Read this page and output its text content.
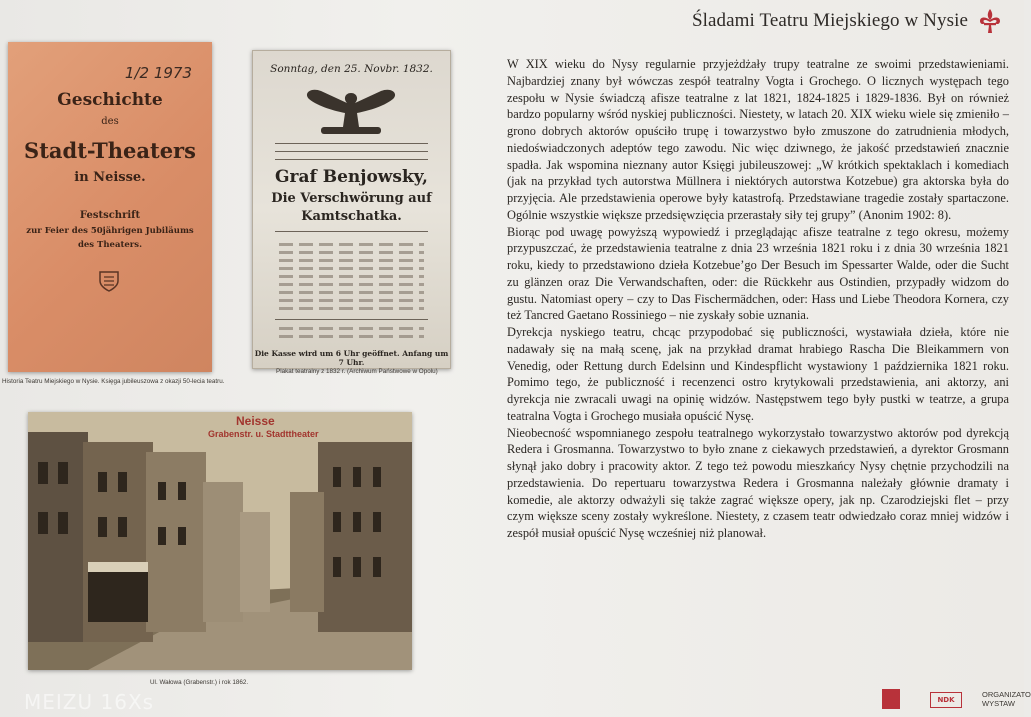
Śladami Teatru Miejskiego w Nysie
1/2 1973
Geschichte
des
Stadt-Theaters
in Neisse.
Festschrift
zur Feier des 50jährigen Jubiläums
des Theaters.
Historia Teatru Miejskiego w Nysie. Księga jubileuszowa z okazji 50-lecia teatru.
Sonntag, den 25. Novbr. 1832.
Graf Benjowsky,
Die Verschwörung auf
Kamtschatka.
Die Kasse wird um 6 Uhr geöffnet. Anfang um 7 Uhr.
Plakat teatralny z 1832 r. (Archiwum Państwowe w Opolu)
Neisse
Grabenstr. u. Stadttheater
Ul. Wałowa (Grabenstr.) i rok 1862.

W XIX wieku do Nysy regularnie przyjeżdżały trupy teatralne ze swoimi przedstawieniami. Najbardziej znany był wówczas zespół teatralny Vogta i Grochego. O licznych występach tego zespołu w Nysie świadczą afisze teatralne z lat 1821, 1824-1825 i 1829-1836. Był on również bardzo popularny wśród nyskiej publiczności. Niestety, w latach 20. XIX wieku wiele się zmieniło – grono dobrych aktorów opuściło trupę i towarzystwo było zmuszone do zatrudnienia młodych, niedoświadczonych adeptów tego zawodu. Nic więc dziwnego, że jakość przedstawień znacznie spadła. Jak wspomina nieznany autor Księgi jubileuszowej: „W krótkich spektaklach i komediach (jak na przykład tych autorstwa Müllnera i niektórych autorstwa Kotzebue) gra aktorska była do przyjęcia. Ale przedstawienia operowe były katastrofą. Przedstawiane tragedie zostały spartaczone. Ogólnie wszystkie większe przedsięwzięcia przerastały siły tej grupy” (Anonim 1902: 8).

Biorąc pod uwagę powyższą wypowiedź i przeglądając afisze teatralne z tego okresu, możemy przypuszczać, że przedstawienia teatralne z dnia 23 września 1821 roku i z dnia 30 września 1821 roku, kiedy to przedstawiono dzieła Kotzebue’go Der Besuch im Spessarter Walde, oder die Sucht zu glänzen oraz Die Verwandschaften, oder: die Rückkehr aus Ostindien, przypadły widzom do gustu. Natomiast opery – czy to Das Fischermädchen, oder: Hass und Liebe Theodora Kornera, czy też Tancred Gaetano Rossiniego – nie zyskały sobie uznania.

Dyrekcja nyskiego teatru, chcąc przypodobać się publiczności, wystawiała dzieła, które nie nadawały się na małą scenę, jak na przykład dramat hrabiego Rascha Die Bleikammern von Venedig, oder Rettung durch Edelsinn und Kindespflicht wystawiony 1 października 1821 roku. Pomimo tego, że publiczność i recenzenci ostro krytykowali przedstawienia, ani aktorzy, ani dyrekcja nie zwracali uwagi na opinię widzów. Następstwem tego były pustki w teatrze, a grupa teatralna Vogta i Grochego musiała opuścić Nysę.

Nieobecność wspomnianego zespołu teatralnego wykorzystało towarzystwo aktorów pod dyrekcją Redera i Grosmanna. Towarzystwo to było znane z ciekawych przedstawień, a dyrektor Grosmann słynął jako dobry i pracowity aktor. Z tego też powodu mieszkańcy Nysy chętnie przychodzili na przedstawienia. Do repertuaru towarzystwa Redera i Grosmanna należały głównie dramaty i komedie, ale aktorzy odważyli się także zagrać większe opery, jak np. Czarodziejski flet – przy czym większe sceny zostały wykreślone. Niestety, z czasem teatr odwiedzało coraz mniej widzów i zespół musiał opuścić Nysę wcześniej niż planował.

MEIZU 16Xs	NDK
ORGANIZATO
WYSTAW
